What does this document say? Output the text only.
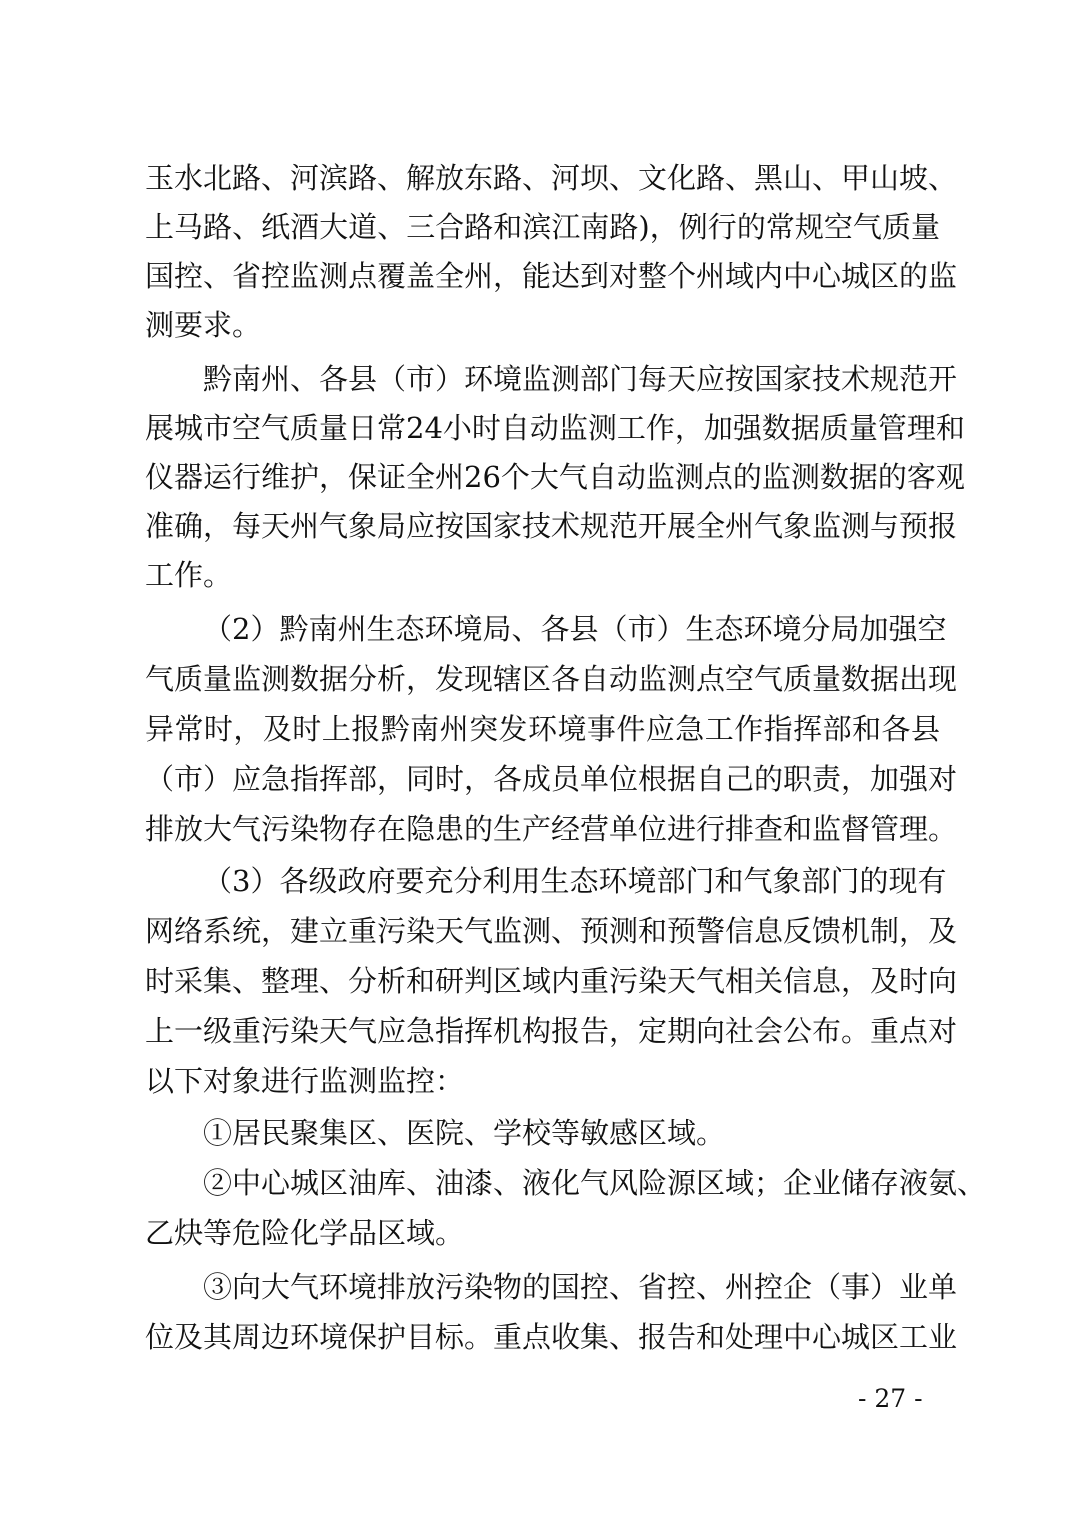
玉水北路、河滨路、解放东路、河坝、文化路、黑山、甲山坡、
上马路、纸酒大道、三合路和滨江南路)，例行的常规空气质量
国控、省控监测点覆盖全州，能达到对整个州域内中心城区的监
测要求。
黔南州、各县（市）环境监测部门每天应按国家技术规范开
展城市空气质量日常24小时自动监测工作，加强数据质量管理和
仪器运行维护，保证全州26个大气自动监测点的监测数据的客观
准确，每天州气象局应按国家技术规范开展全州气象监测与预报
工作。
（2）黔南州生态环境局、各县（市）生态环境分局加强空
气质量监测数据分析，发现辖区各自动监测点空气质量数据出现
异常时，及时上报黔南州突发环境事件应急工作指挥部和各县
（市）应急指挥部，同时，各成员单位根据自己的职责，加强对
排放大气污染物存在隐患的生产经营单位进行排查和监督管理。
（3）各级政府要充分利用生态环境部门和气象部门的现有
网络系统，建立重污染天气监测、预测和预警信息反馈机制，及
时采集、整理、分析和研判区域内重污染天气相关信息，及时向
上一级重污染天气应急指挥机构报告，定期向社会公布。重点对
以下对象进行监测监控：
①居民聚集区、医院、学校等敏感区域。
②中心城区油库、油漆、液化气风险源区域；企业储存液氨、
乙炔等危险化学品区域。
③向大气环境排放污染物的国控、省控、州控企（事）业单
位及其周边环境保护目标。重点收集、报告和处理中心城区工业
- 27 -
